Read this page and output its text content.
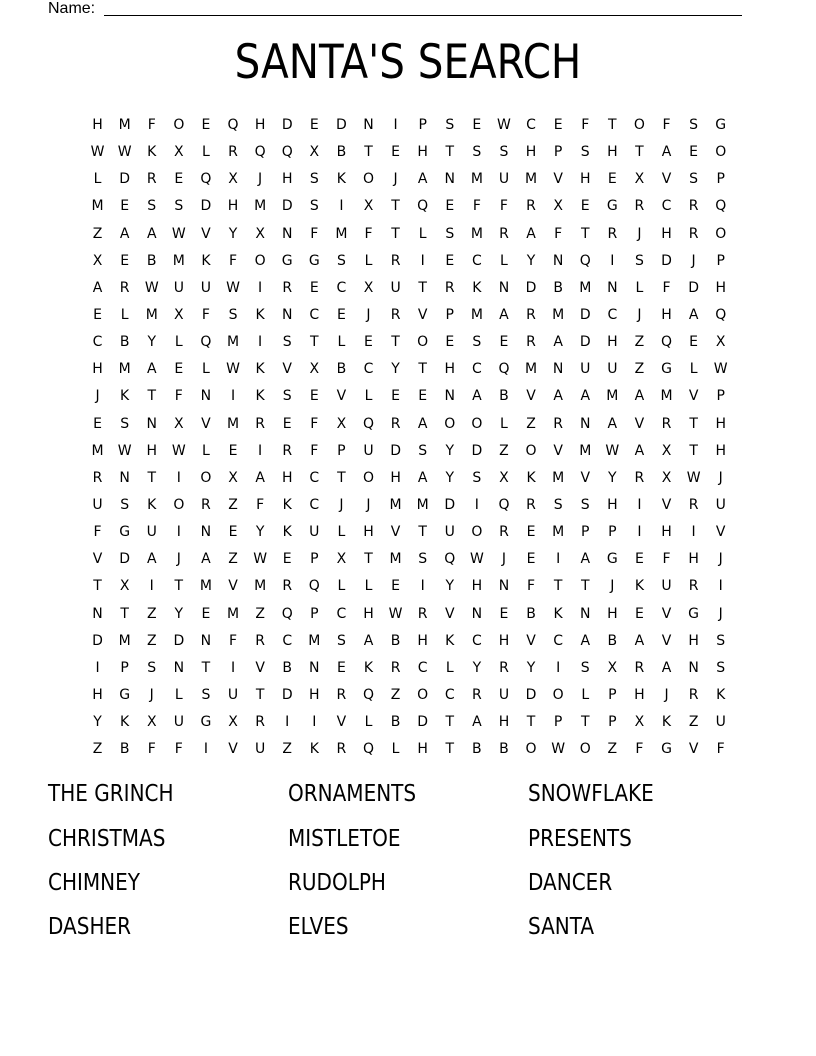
Name:
SANTA'S SEARCH
H M F O E Q H D E D N I P S E W C E F T O F S G
W W K X L R Q Q X B T E H T S S H P S H T A E O
L D R E Q X J H S K O J A N M U M V H E X V S P
M E S S D H M D S I X T Q E F F R X E G R C R Q
Z A A W V Y X N F M F T L S M R A F T R J H R O
X E B M K F O G G S L R I E C L Y N Q I S D J P
A R W U U W I R E C X U T R K N D B M N L F D H
E L M X F S K N C E J R V P M A R M D C J H A Q
C B Y L Q M I S T L E T O E S E R A D H Z Q E X
H M A E L W K V X B C Y T H C Q M N U U Z G L W
J K T F N I K S E V L E E N A B V A A M A M V P
E S N X V M R E F X Q R A O O L Z R N A V R T H
M W H W L E I R F P U D S Y D Z O V M W A X T H
R N T I O X A H C T O H A Y S X K M V Y R X W J
U S K O R Z F K C J J M M D I Q R S S H I V R U
F G U I N E Y K U L H V T U O R E M P P I H I V
V D A J A Z W E P X T M S Q W J E I A G E F H J
T X I T M V M R Q L L E I Y H N F T T J K U R I
N T Z Y E M Z Q P C H W R V N E B K N H E V G J
D M Z D N F R C M S A B H K C H V C A B A V H S
I P S N T I V B N E K R C L Y R Y I S X R A N S
H G J L S U T D H R Q Z O C R U D O L P H J R K
Y K X U G X R I I V L B D T A H T P T P X K Z U
Z B F F I V U Z K R Q L H T B B O W O Z F G V F
THE GRINCH	ORNAMENTS	SNOWFLAKE
CHRISTMAS	MISTLETOE	PRESENTS
CHIMNEY	RUDOLPH	DANCER
DASHER	ELVES	SANTA
